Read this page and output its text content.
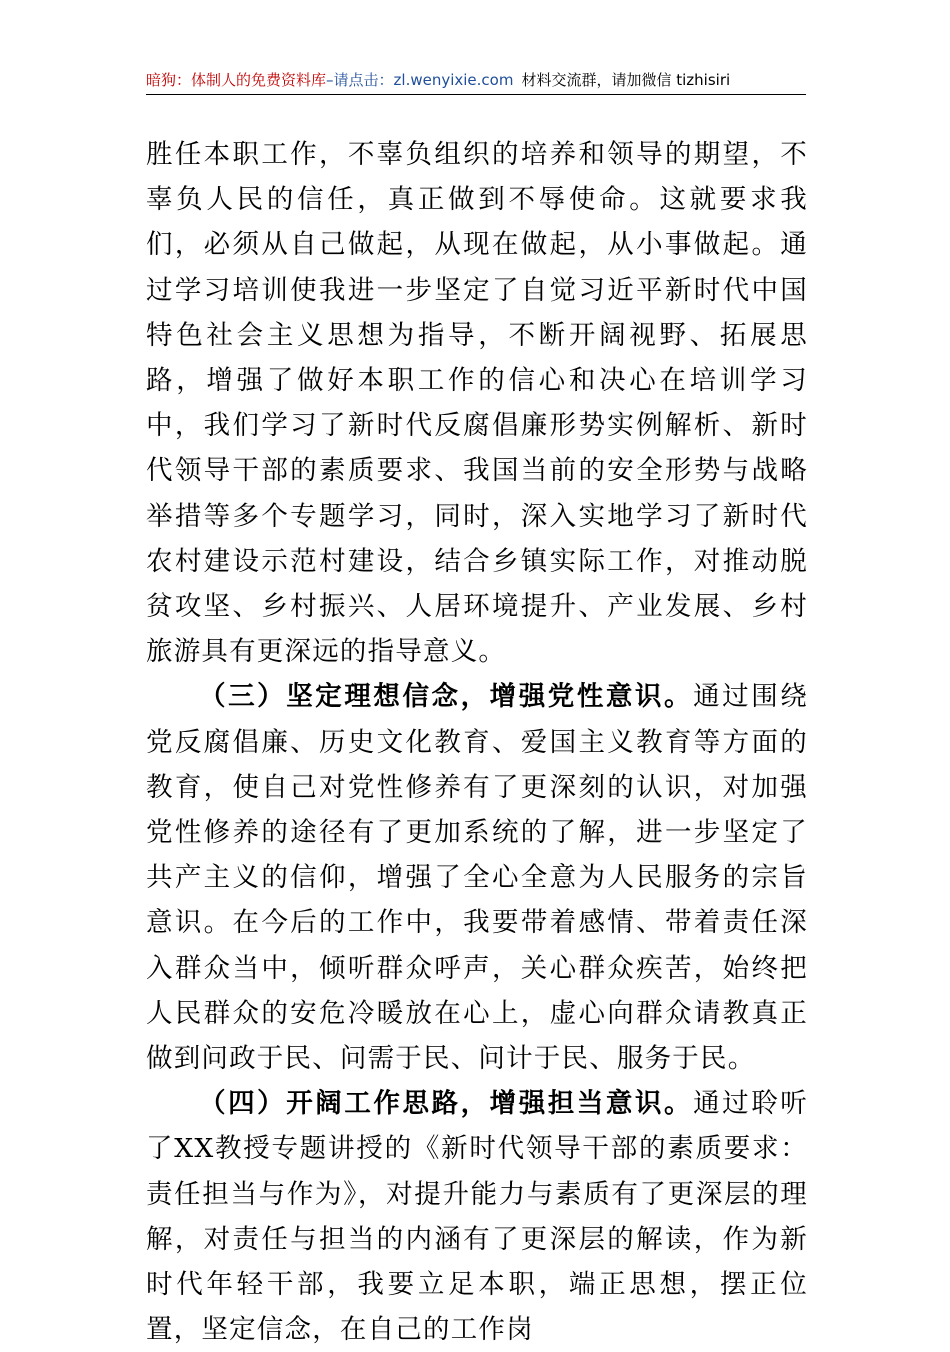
暗狗：体制人的免费资料库–请点击：zl.wenyixie.com 材料交流群，请加微信 tizhisiri

胜任本职工作，不辜负组织的培养和领导的期望，不辜负人民的信任，真正做到不辱使命。这就要求我们，必须从自己做起，从现在做起，从小事做起。通过学习培训使我进一步坚定了自觉习近平新时代中国特色社会主义思想为指导，不断开阔视野、拓展思路，增强了做好本职工作的信心和决心在培训学习中，我们学习了新时代反腐倡廉形势实例解析、新时代领导干部的素质要求、我国当前的安全形势与战略举措等多个专题学习，同时，深入实地学习了新时代农村建设示范村建设，结合乡镇实际工作，对推动脱贫攻坚、乡村振兴、人居环境提升、产业发展、乡村旅游具有更深远的指导意义。

（三）坚定理想信念，增强党性意识。通过围绕党反腐倡廉、历史文化教育、爱国主义教育等方面的教育，使自己对党性修养有了更深刻的认识，对加强党性修养的途径有了更加系统的了解，进一步坚定了共产主义的信仰，增强了全心全意为人民服务的宗旨意识。在今后的工作中，我要带着感情、带着责任深入群众当中，倾听群众呼声，关心群众疾苦，始终把人民群众的安危冷暖放在心上，虚心向群众请教真正做到问政于民、问需于民、问计于民、服务于民。

（四）开阔工作思路，增强担当意识。通过聆听了XX教授专题讲授的《新时代领导干部的素质要求：责任担当与作为》，对提升能力与素质有了更深层的理解，对责任与担当的内涵有了更深层的解读，作为新时代年轻干部，我要立足本职，端正思想，摆正位置，坚定信念，在自己的工作岗
